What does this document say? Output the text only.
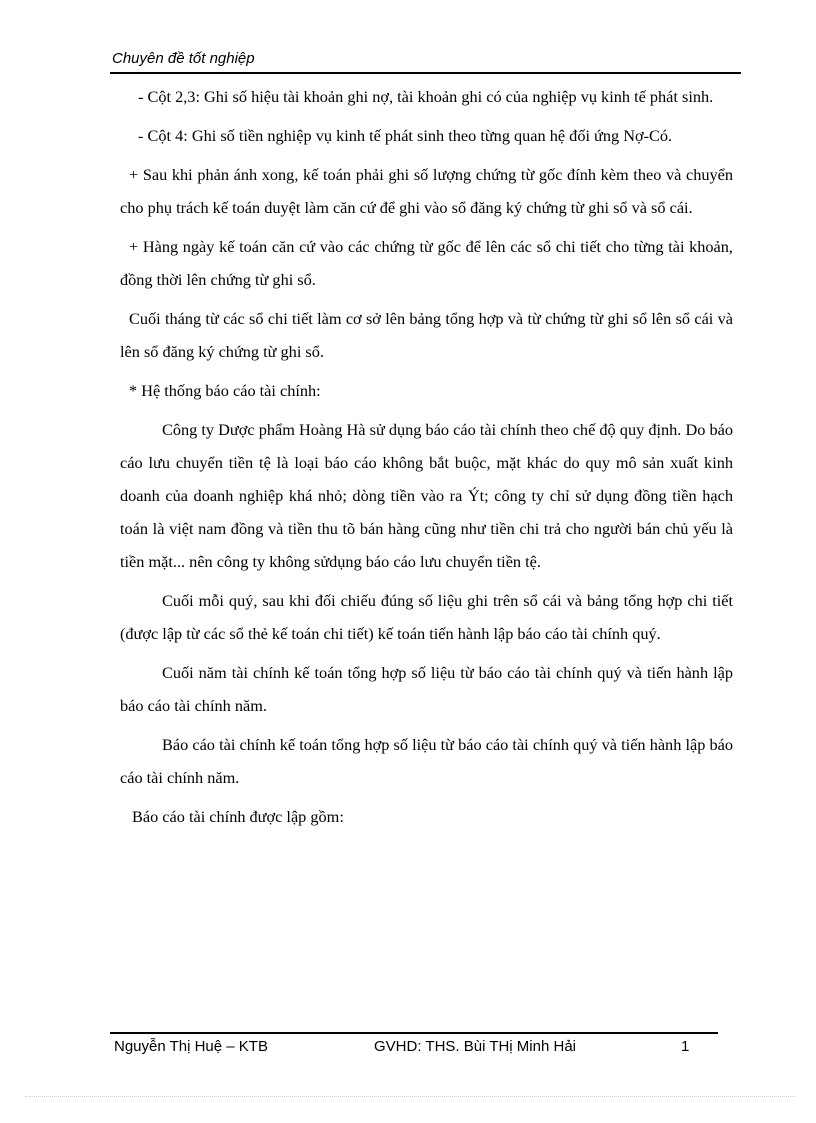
Chuyên đề tốt nghiệp

- Cột 2,3: Ghi số hiệu tài khoản ghi nợ, tài khoản ghi có của nghiệp vụ kinh tế phát sinh.

- Cột 4: Ghi số tiền nghiệp vụ kinh tế phát sinh theo từng quan hệ đối ứng Nợ-Có.

+ Sau khi phản ánh xong, kế toán phải ghi số lượng chứng từ gốc đính kèm theo và chuyển cho phụ trách kế toán duyệt làm căn cứ để ghi vào sổ đăng ký chứng từ ghi sổ và sổ cái.

+ Hàng ngày kế toán căn cứ vào các chứng từ gốc để lên các sổ chi tiết cho từng tài khoản, đồng thời lên chứng từ ghi sổ.

Cuối tháng từ các sổ chi tiết làm cơ sở lên bảng tổng hợp và từ chứng từ ghi sổ lên sổ cái và lên sổ đăng ký chứng từ ghi sổ.

* Hệ thống báo cáo tài chính:

Công ty Dược phẩm Hoàng Hà sử dụng báo cáo tài chính theo chế độ quy định. Do báo cáo lưu chuyển tiền tệ là loại báo cáo không bắt buộc, mặt khác do quy mô sản xuất kinh doanh của doanh nghiệp khá nhỏ; dòng tiền vào ra Ýt; công ty chỉ sử dụng đồng tiền hạch toán là việt nam đồng và tiền thu tõ bán hàng cũng như tiền chi trả cho người bán chủ yếu là tiền mặt... nên công ty không sửdụng báo cáo lưu chuyển tiền tệ.

Cuối mỗi quý, sau khi đối chiếu đúng số liệu ghi trên sổ cái và bảng tổng hợp chi tiết (được lập từ các sổ thẻ kế toán chi tiết) kế toán tiến hành lập báo cáo tài chính quý.

Cuối năm tài chính kế toán tổng hợp số liệu từ báo cáo tài chính quý và tiến hành lập báo cáo tài chính năm.

Báo cáo tài chính kế toán tổng hợp số liệu từ báo cáo tài chính quý và tiến hành lập báo cáo tài chính năm.

Báo cáo tài chính được lập gồm:

Nguyễn Thị Huệ – KTB	GVHD: THS. Bùi THị Minh Hải	1
